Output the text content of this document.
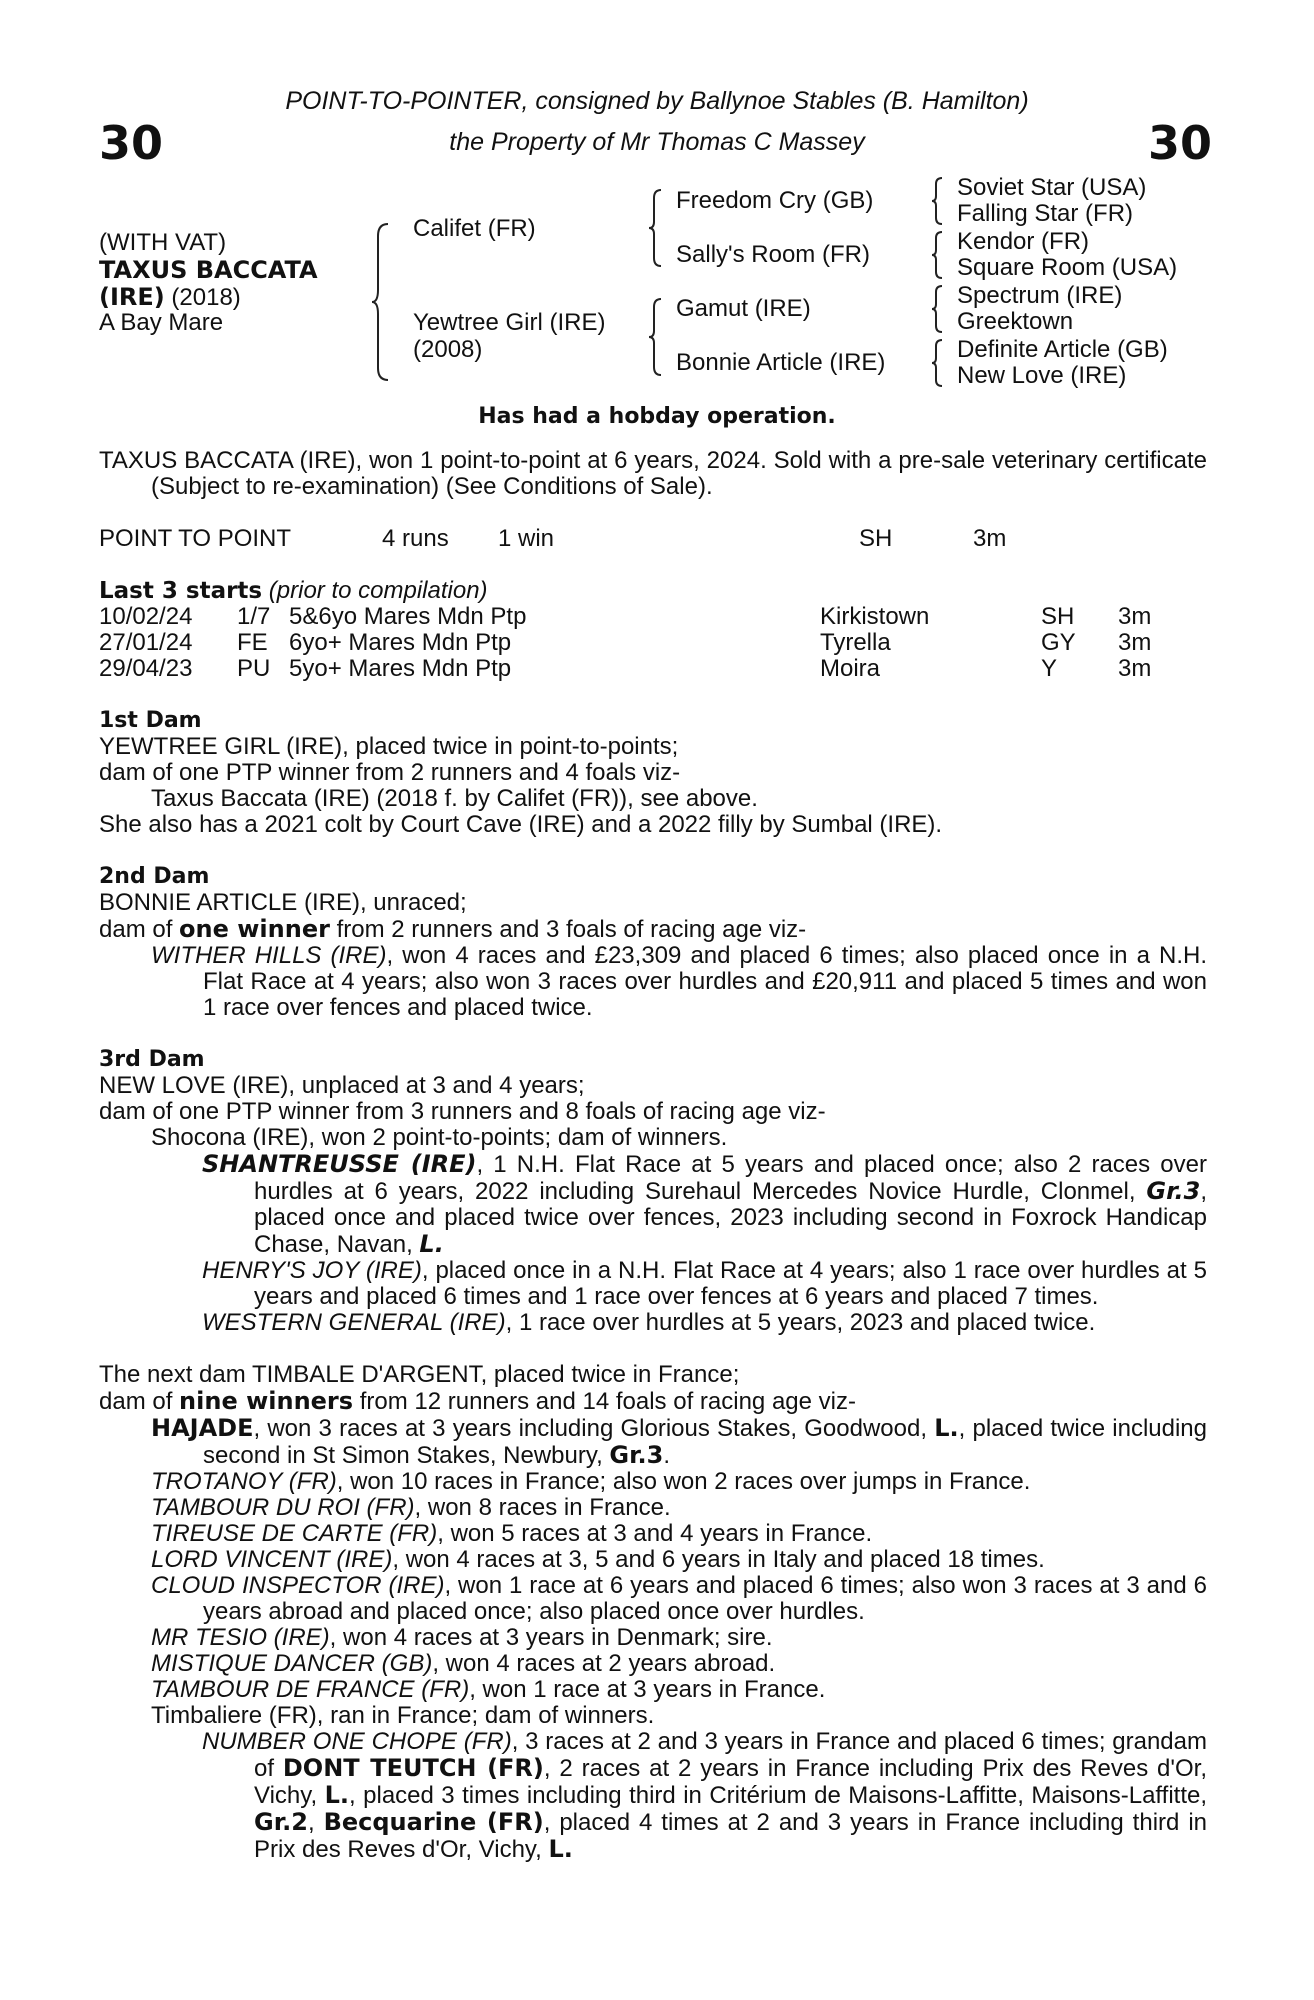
30	30
POINT-TO-POINTER, consigned by Ballynoe Stables (B. Hamilton)
the Property of Mr Thomas C Massey
(WITH VAT)
TAXUS BACCATA
(IRE) (2018)
A Bay Mare
Califet (FR)
Yewtree Girl (IRE)
(2008)
Freedom Cry (GB)
Sally's Room (FR)
Gamut (IRE)
Bonnie Article (IRE)
Soviet Star (USA)
Falling Star (FR)
Kendor (FR)
Square Room (USA)
Spectrum (IRE)
Greektown
Definite Article (GB)
New Love (IRE)
Has had a hobday operation.

TAXUS BACCATA (IRE), won 1 point-to-point at 6 years, 2024. Sold with a pre-sale veterinary certificate (Subject to re-examination) (See Conditions of Sale).

POINT TO POINT	4 runs 1 win	SH	3m
Last 3 starts (prior to compilation)
10/02/24 1/7 5&6yo Mares Mdn Ptp	Kirkistown	SH 3m
27/01/24 FE 6yo+ Mares Mdn Ptp	Tyrella	GY 3m
29/04/23 PU 5yo+ Mares Mdn Ptp	Moira	Y	3m

1st Dam

YEWTREE GIRL (IRE), placed twice in point-to-points;

dam of one PTP winner from 2 runners and 4 foals viz-

Taxus Baccata (IRE) (2018 f. by Califet (FR)), see above.

She also has a 2021 colt by Court Cave (IRE) and a 2022 filly by Sumbal (IRE).

2nd Dam

BONNIE ARTICLE (IRE), unraced;

dam of one winner from 2 runners and 3 foals of racing age viz-

WITHER HILLS (IRE), won 4 races and £23,309 and placed 6 times; also placed once in a N.H. Flat Race at 4 years; also won 3 races over hurdles and £20,911 and placed 5 times and won 1 race over fences and placed twice.

3rd Dam

NEW LOVE (IRE), unplaced at 3 and 4 years;

dam of one PTP winner from 3 runners and 8 foals of racing age viz-

Shocona (IRE), won 2 point-to-points; dam of winners.

SHANTREUSSE (IRE), 1 N.H. Flat Race at 5 years and placed once; also 2 races over hurdles at 6 years, 2022 including Surehaul Mercedes Novice Hurdle, Clonmel, Gr.3, placed once and placed twice over fences, 2023 including second in Foxrock Handicap Chase, Navan, L.

HENRY'S JOY (IRE), placed once in a N.H. Flat Race at 4 years; also 1 race over hurdles at 5 years and placed 6 times and 1 race over fences at 6 years and placed 7 times.

WESTERN GENERAL (IRE), 1 race over hurdles at 5 years, 2023 and placed twice.

The next dam TIMBALE D'ARGENT, placed twice in France;

dam of nine winners from 12 runners and 14 foals of racing age viz-

HAJADE, won 3 races at 3 years including Glorious Stakes, Goodwood, L., placed twice including second in St Simon Stakes, Newbury, Gr.3.

TROTANOY (FR), won 10 races in France; also won 2 races over jumps in France.

TAMBOUR DU ROI (FR), won 8 races in France.

TIREUSE DE CARTE (FR), won 5 races at 3 and 4 years in France.

LORD VINCENT (IRE), won 4 races at 3, 5 and 6 years in Italy and placed 18 times.

CLOUD INSPECTOR (IRE), won 1 race at 6 years and placed 6 times; also won 3 races at 3 and 6 years abroad and placed once; also placed once over hurdles.

MR TESIO (IRE), won 4 races at 3 years in Denmark; sire.

MISTIQUE DANCER (GB), won 4 races at 2 years abroad.

TAMBOUR DE FRANCE (FR), won 1 race at 3 years in France.

Timbaliere (FR), ran in France; dam of winners.

NUMBER ONE CHOPE (FR), 3 races at 2 and 3 years in France and placed 6 times; grandam of DONT TEUTCH (FR), 2 races at 2 years in France including Prix des Reves d'Or, Vichy, L., placed 3 times including third in Critérium de Maisons-Laffitte, Maisons-Laffitte, Gr.2, Becquarine (FR), placed 4 times at 2 and 3 years in France including third in Prix des Reves d'Or, Vichy, L.
